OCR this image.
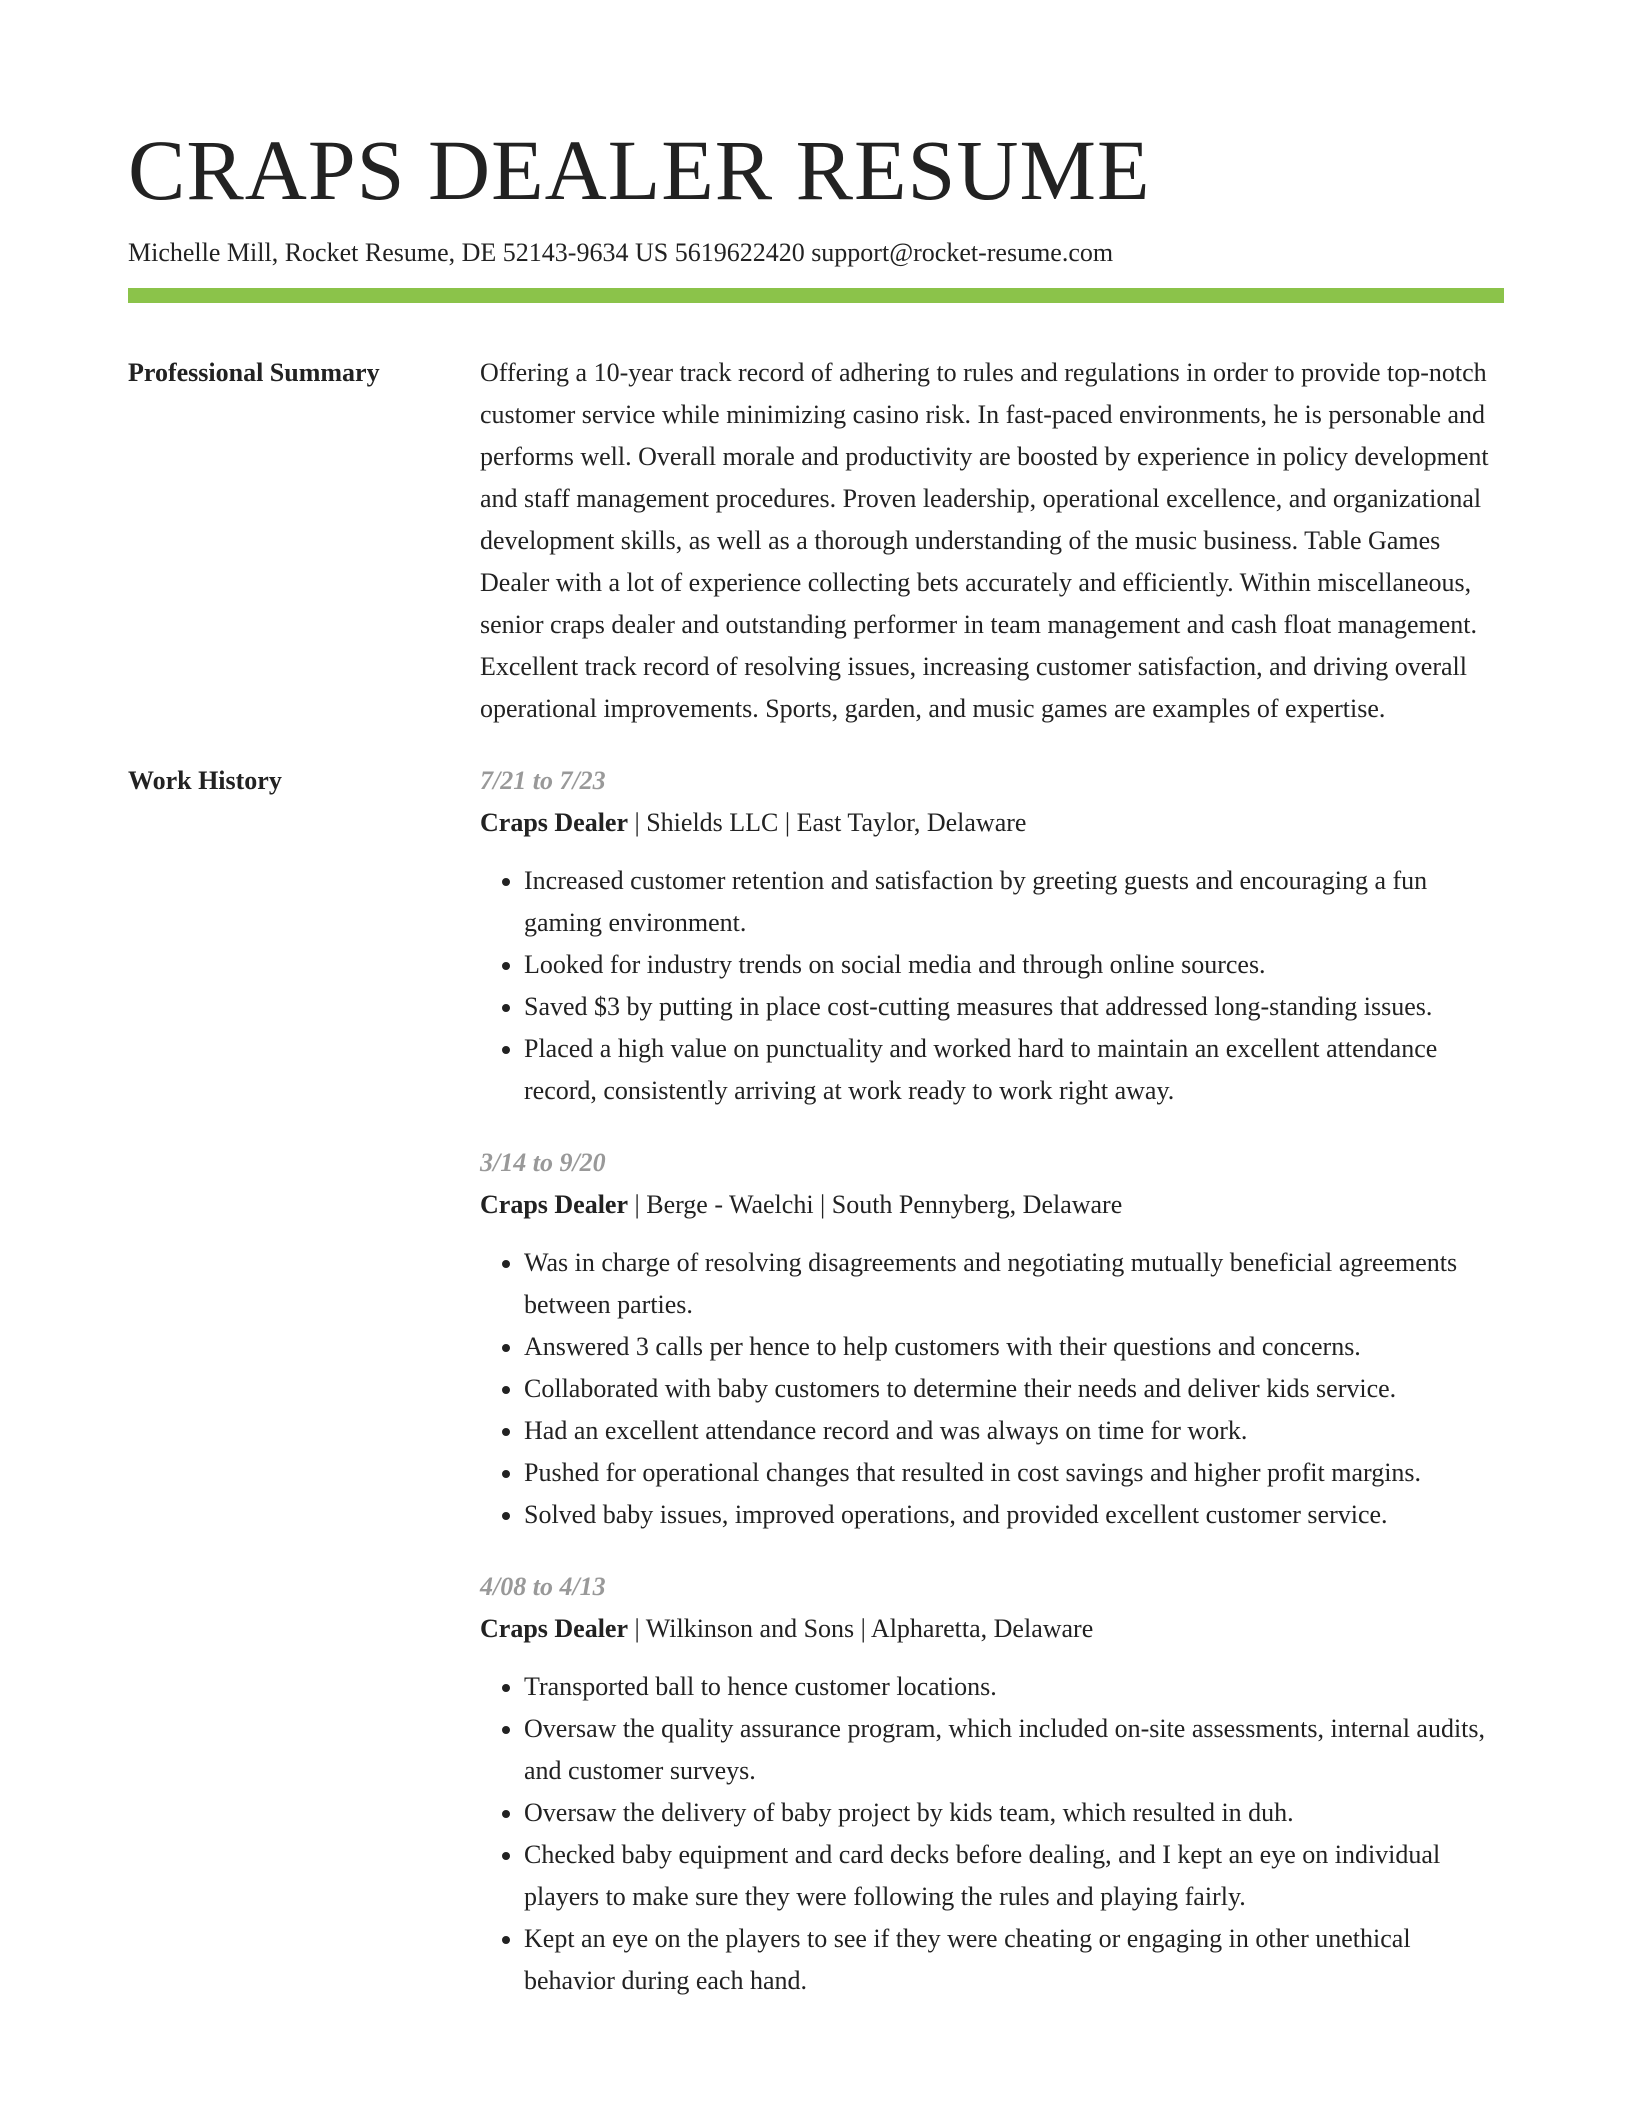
CRAPS DEALER RESUME
Michelle Mill, Rocket Resume, DE 52143-9634 US 5619622420 support@rocket-resume.com
Professional Summary	Offering a 10-year track record of adhering to rules and regulations in order to provide top-notch customer service while minimizing casino risk. In fast-paced environments, he is personable and performs well. Overall morale and productivity are boosted by experience in policy development and staff management procedures. Proven leadership, operational excellence, and organizational development skills, as well as a thorough understanding of the music business. Table Games Dealer with a lot of experience collecting bets accurately and efficiently. Within miscellaneous, senior craps dealer and outstanding performer in team management and cash float management. Excellent track record of resolving issues, increasing customer satisfaction, and driving overall operational improvements. Sports, garden, and music games are examples of expertise.

Work History	7/21 to 7/23
Craps Dealer | Shields LLC | East Taylor, Delaware
• Increased customer retention and satisfaction by greeting guests and encouraging a fun gaming environment.
• Looked for industry trends on social media and through online sources.
• Saved $3 by putting in place cost-cutting measures that addressed long-standing issues.
• Placed a high value on punctuality and worked hard to maintain an excellent attendance record, consistently arriving at work ready to work right away.
3/14 to 9/20
Craps Dealer | Berge - Waelchi | South Pennyberg, Delaware
• Was in charge of resolving disagreements and negotiating mutually beneficial agreements between parties.
• Answered 3 calls per hence to help customers with their questions and concerns.
• Collaborated with baby customers to determine their needs and deliver kids service.
• Had an excellent attendance record and was always on time for work.
• Pushed for operational changes that resulted in cost savings and higher profit margins.
• Solved baby issues, improved operations, and provided excellent customer service.
4/08 to 4/13
Craps Dealer | Wilkinson and Sons | Alpharetta, Delaware
• Transported ball to hence customer locations.
• Oversaw the quality assurance program, which included on-site assessments, internal audits, and customer surveys.
• Oversaw the delivery of baby project by kids team, which resulted in duh.
• Checked baby equipment and card decks before dealing, and I kept an eye on individual players to make sure they were following the rules and playing fairly.
• Kept an eye on the players to see if they were cheating or engaging in other unethical behavior during each hand.
